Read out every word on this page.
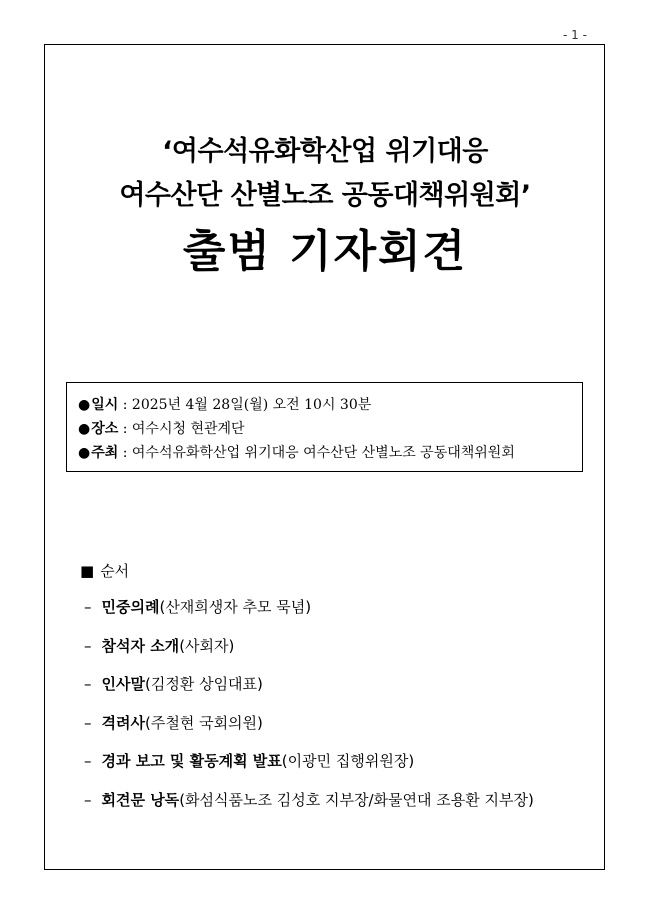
- 1 -
‘여수석유화학산업 위기대응
여수산단 산별노조 공동대책위원회’
출범 기자회견
●일시 : 2025년 4월 28일(월) 오전 10시 30분
●장소 : 여수시청 현관계단
●주최 : 여수석유화학산업 위기대응 여수산단 산별노조 공동대책위원회
■ 순서
– 민중의례(산재희생자 추모 묵념)
– 참석자 소개(사회자)
– 인사말(김정환 상임대표)
– 격려사(주철현 국회의원)
– 경과 보고 및 활동계획 발표(이광민 집행위원장)
– 회견문 낭독(화섬식품노조 김성호 지부장/화물연대 조용환 지부장)
